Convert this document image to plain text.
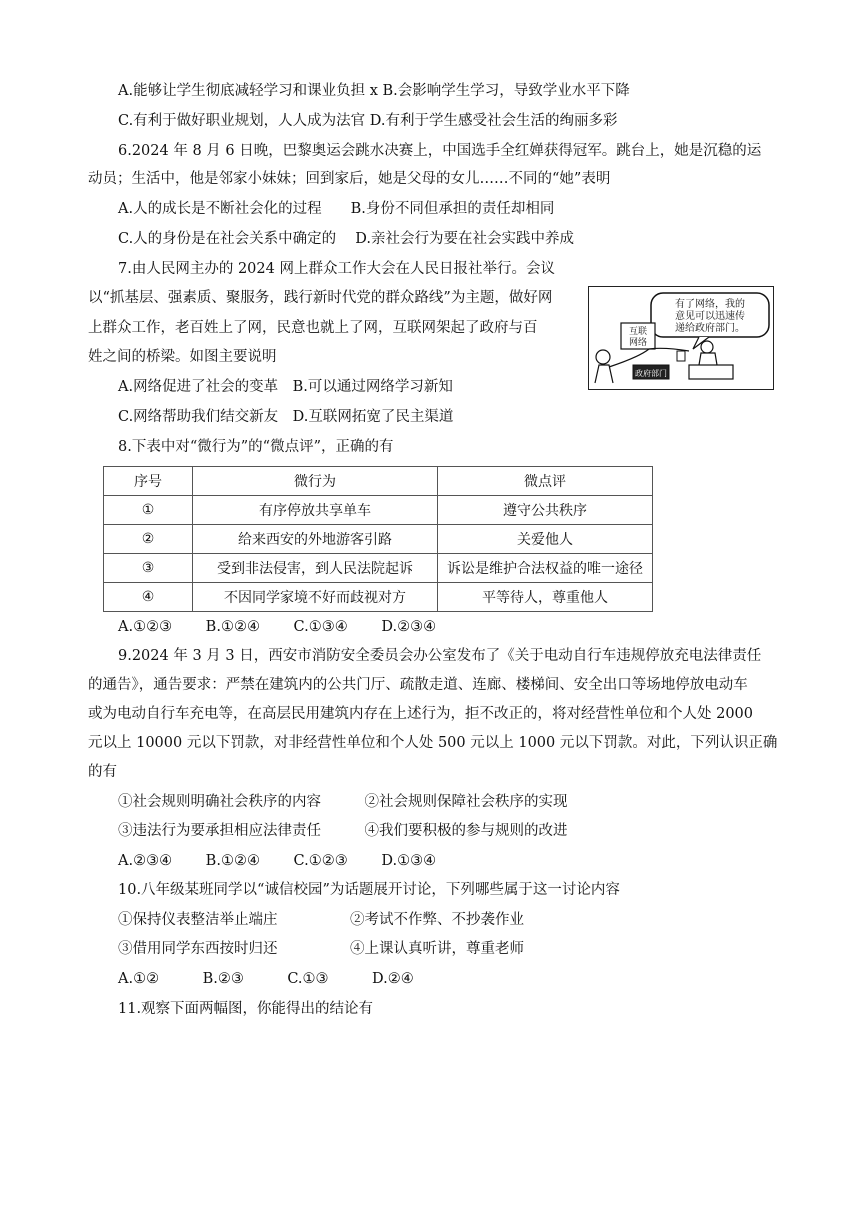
A.能够让学生彻底减轻学习和课业负担 x B.会影响学生学习，导致学业水平下降
C.有利于做好职业规划，人人成为法官 D.有利于学生感受社会生活的绚丽多彩
6.2024 年 8 月 6 日晚，巴黎奥运会跳水决赛上，中国选手全红婵获得冠军。跳台上，她是沉稳的运
动员；生活中，他是邻家小妹妹；回到家后，她是父母的女儿……不同的“她”表明
A.人的成长是不断社会化的过程　　B.身份不同但承担的责任却相同
C.人的身份是在社会关系中确定的　 D.亲社会行为要在社会实践中养成
7.由人民网主办的 2024 网上群众工作大会在人民日报社举行。会议
以“抓基层、强素质、聚服务，践行新时代党的群众路线”为主题，做好网
上群众工作，老百姓上了网，民意也就上了网，互联网架起了政府与百
姓之间的桥梁。如图主要说明
A.网络促进了社会的变革　B.可以通过网络学习新知
C.网络帮助我们结交新友　D.互联网拓宽了民主渠道
有了网络，我的
意见可以迅速传
递给政府部门。
互联
网络
政府部门
8.下表中对“微行为”的“微点评”，正确的有
序号	微行为	微点评
①	有序停放共享单车	遵守公共秩序
②	给来西安的外地游客引路	关爱他人
③	受到非法侵害，到人民法院起诉	诉讼是维护合法权益的唯一途径
④	不因同学家境不好而歧视对方	平等待人，尊重他人
A.①②③　　 B.①②④　　 C.①③④　　 D.②③④
9.2024 年 3 月 3 日，西安市消防安全委员会办公室发布了《关于电动自行车违规停放充电法律责任
的通告》，通告要求：严禁在建筑内的公共门厅、疏散走道、连廊、楼梯间、安全出口等场地停放电动车
或为电动自行车充电等，在高层民用建筑内存在上述行为，拒不改正的，将对经营性单位和个人处 2000
元以上 10000 元以下罚款，对非经营性单位和个人处 500 元以上 1000 元以下罚款。对此，下列认识正确
的有
①社会规则明确社会秩序的内容　　　②社会规则保障社会秩序的实现
③违法行为要承担相应法律责任　　　④我们要积极的参与规则的改进
A.②③④　　 B.①②④　　 C.①②③　　 D.①③④
10.八年级某班同学以“诚信校园”为话题展开讨论，下列哪些属于这一讨论内容
①保持仪表整洁举止端庄　　　　　②考试不作弊、不抄袭作业
③借用同学东西按时归还　　　　　④上课认真听讲，尊重老师
A.①②　　　B.②③　　　C.①③　　　D.②④
11.观察下面两幅图，你能得出的结论有
